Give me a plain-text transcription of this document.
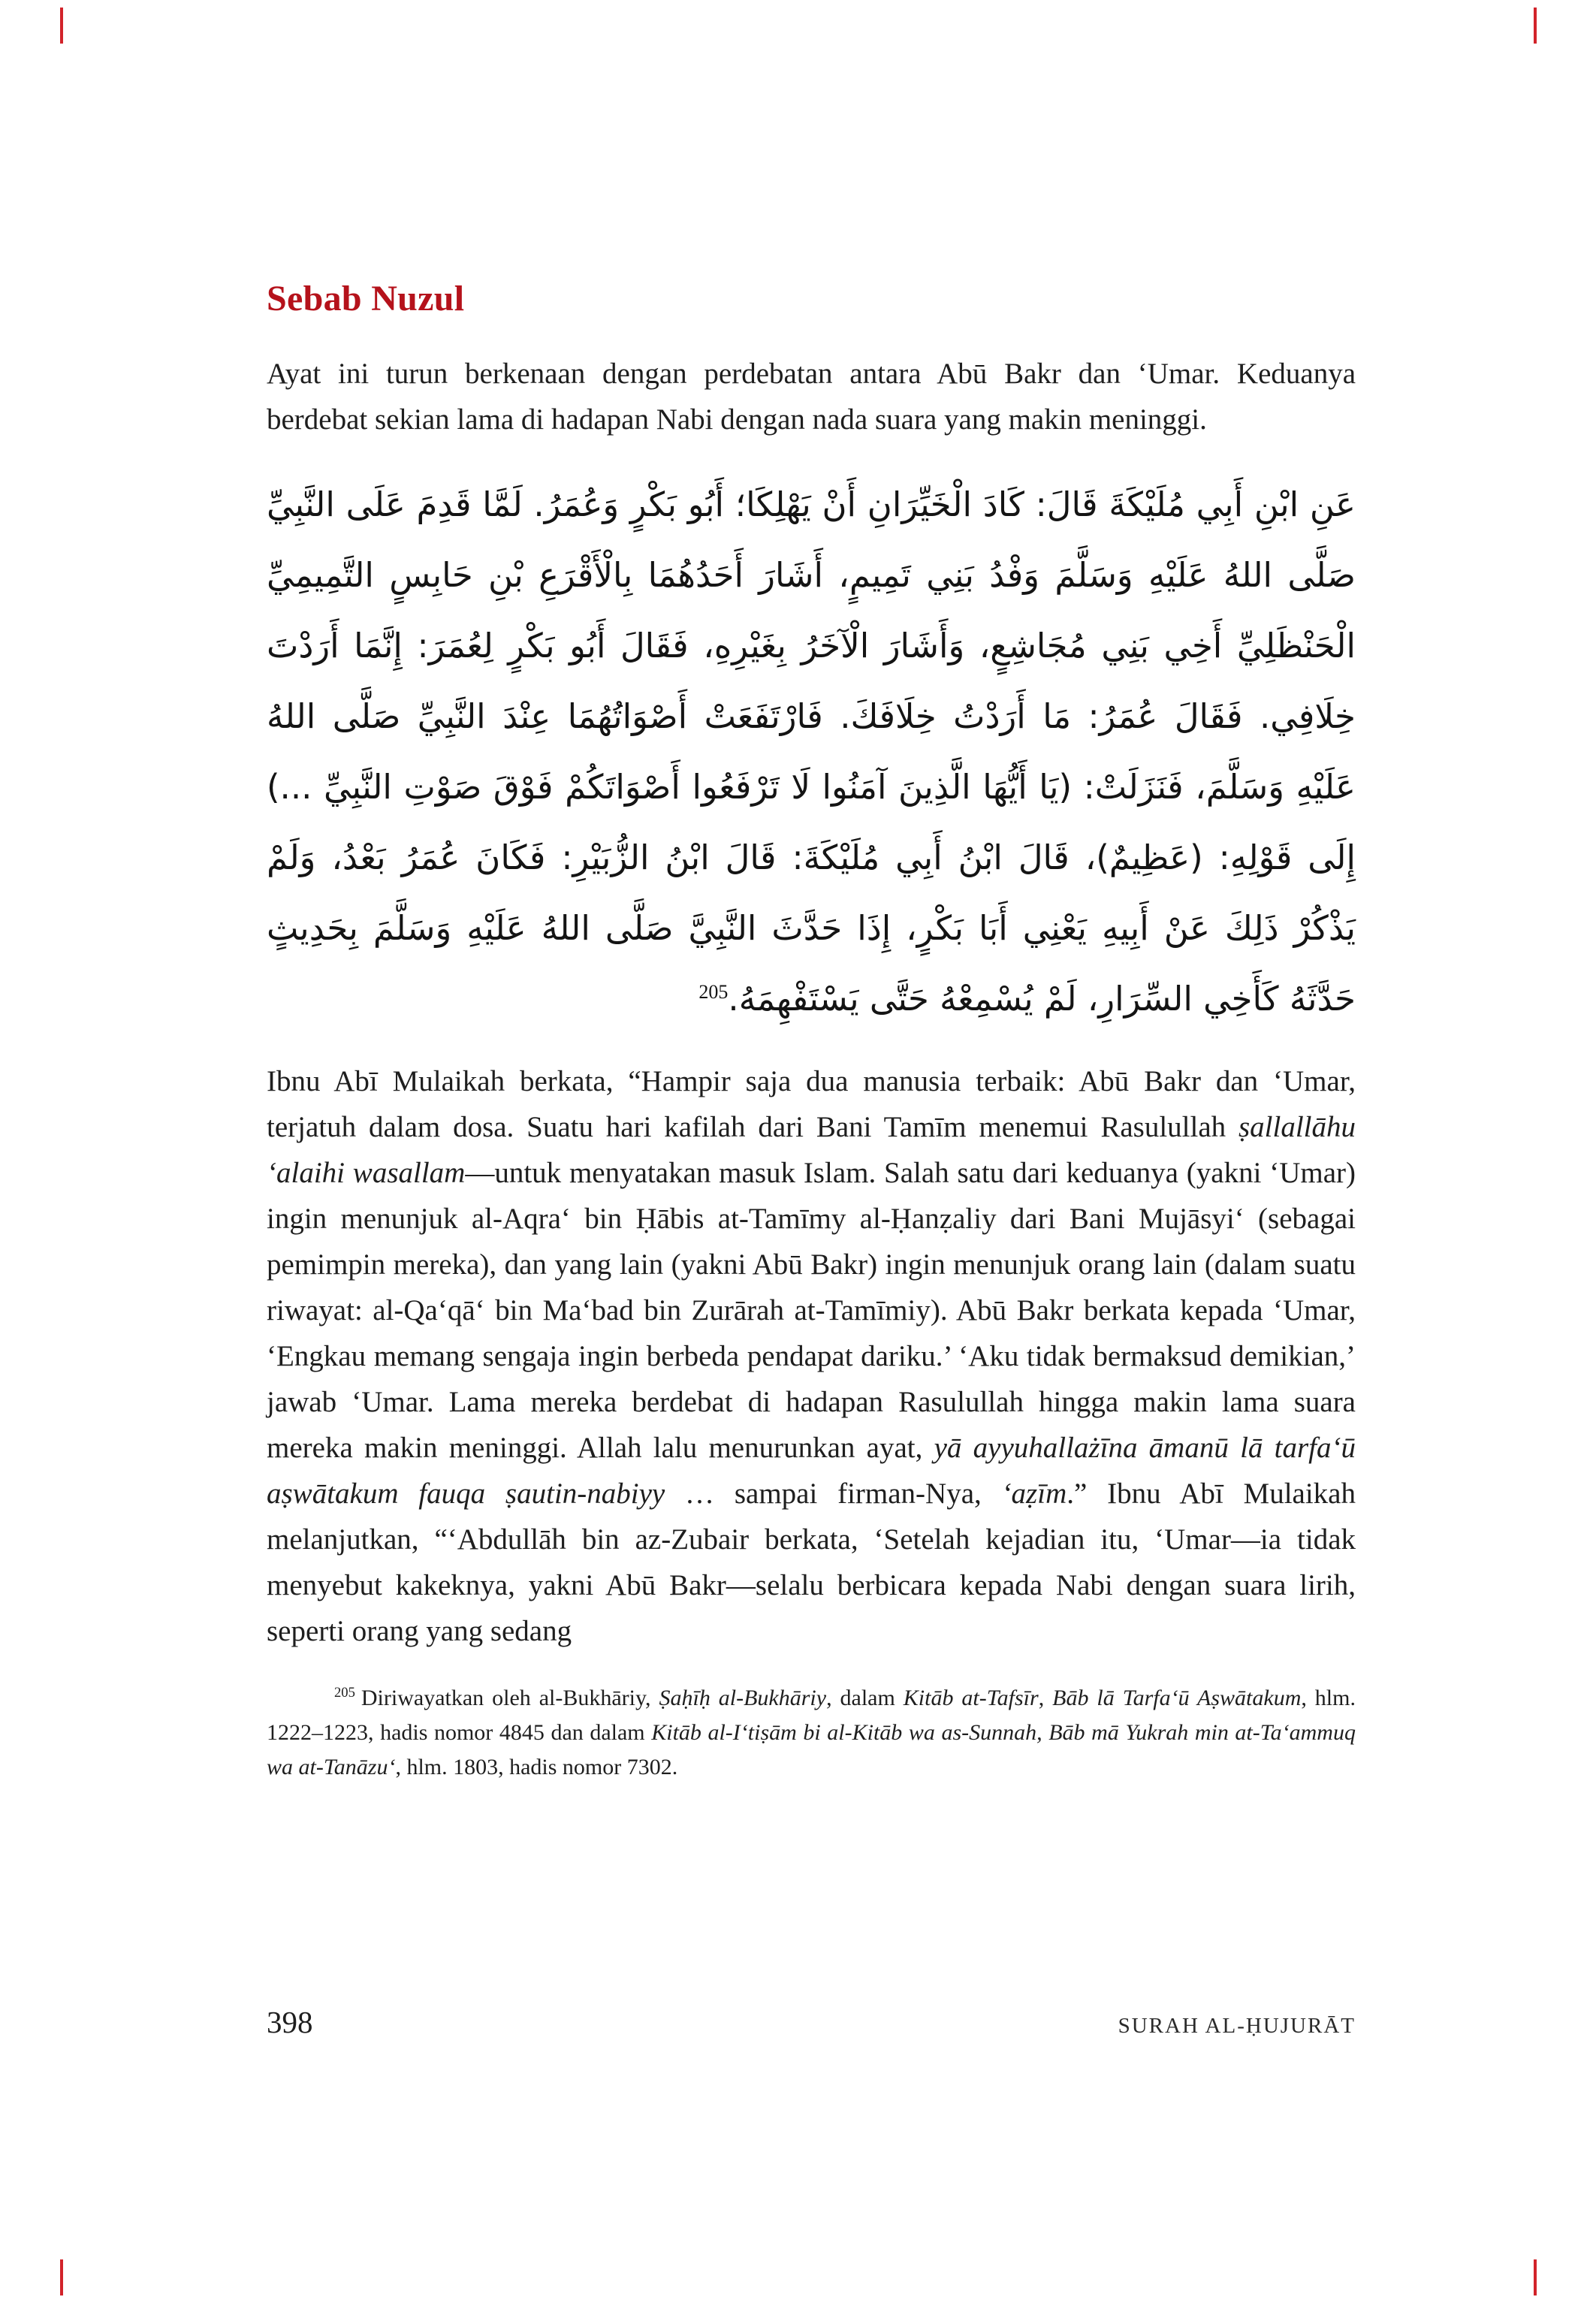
Sebab Nuzul

Ayat ini turun berkenaan dengan perdebatan antara Abū Bakr dan ʻUmar. Keduanya berdebat sekian lama di hadapan Nabi dengan nada suara yang makin meninggi.

عَنِ ابْنِ أَبِي مُلَيْكَةَ قَالَ: كَادَ الْخَيِّرَانِ أَنْ يَهْلِكَا؛ أَبُو بَكْرٍ وَعُمَرُ. لَمَّا قَدِمَ عَلَى النَّبِيِّ صَلَّى اللهُ عَلَيْهِ وَسَلَّمَ وَفْدُ بَنِي تَمِيمٍ، أَشَارَ أَحَدُهُمَا بِالْأَقْرَعِ بْنِ حَابِسٍ التَّمِيمِيِّ الْحَنْظَلِيِّ أَخِي بَنِي مُجَاشِعٍ، وَأَشَارَ الْآخَرُ بِغَيْرِهِ، فَقَالَ أَبُو بَكْرٍ لِعُمَرَ: إِنَّمَا أَرَدْتَ خِلَافِي. فَقَالَ عُمَرُ: مَا أَرَدْتُ خِلَافَكَ. فَارْتَفَعَتْ أَصْوَاتُهُمَا عِنْدَ النَّبِيِّ صَلَّى اللهُ عَلَيْهِ وَسَلَّمَ، فَنَزَلَتْ: (يَا أَيُّهَا الَّذِينَ آمَنُوا لَا تَرْفَعُوا أَصْوَاتَكُمْ فَوْقَ صَوْتِ النَّبِيِّ ...) إِلَى قَوْلِهِ: (عَظِيمٌ)، قَالَ ابْنُ أَبِي مُلَيْكَةَ: قَالَ ابْنُ الزُّبَيْرِ: فَكَانَ عُمَرُ بَعْدُ، وَلَمْ يَذْكُرْ ذَلِكَ عَنْ أَبِيهِ يَعْنِي أَبَا بَكْرٍ، إِذَا حَدَّثَ النَّبِيَّ صَلَّى اللهُ عَلَيْهِ وَسَلَّمَ بِحَدِيثٍ حَدَّثَهُ كَأَخِي السِّرَارِ، لَمْ يُسْمِعْهُ حَتَّى يَسْتَفْهِمَهُ.$^{205}$

Ibnu Abī Mulaikah berkata, “Hampir saja dua manusia terbaik: Abū Bakr dan ʻUmar, terjatuh dalam dosa. Suatu hari kafilah dari Bani Tamīm menemui Rasulullah ṣallallāhu ʻalaihi wasallam—untuk menyatakan masuk Islam. Salah satu dari keduanya (yakni ʻUmar) ingin menunjuk al-Aqraʻ bin Ḥābis at-Tamīmy al-Ḥanẓaliy dari Bani Mujāsyiʻ (sebagai pemimpin mereka), dan yang lain (yakni Abū Bakr) ingin menunjuk orang lain (dalam suatu riwayat: al-Qaʻqāʻ bin Maʻbad bin Zurārah at-Tamīmiy). Abū Bakr berkata kepada ʻUmar, ‘Engkau memang sengaja ingin berbeda pendapat dariku.’ ‘Aku tidak bermaksud demikian,’ jawab ʻUmar. Lama mereka berdebat di hadapan Rasulullah hingga makin lama suara mereka makin meninggi. Allah lalu menurunkan ayat, yā ayyuhallażīna āmanū lā tarfaʻū aṣwātakum fauqa ṣautin-nabiyy … sampai firman-Nya, ʻaẓīm.” Ibnu Abī Mulaikah melanjutkan, “ʻAbdullāh bin az-Zubair berkata, ‘Setelah kejadian itu, ʻUmar—ia tidak menyebut kakeknya, yakni Abū Bakr—selalu berbicara kepada Nabi dengan suara lirih, seperti orang yang sedang

$^{205}$ Diriwayatkan oleh al-Bukhāriy, Ṣaḥīḥ al-Bukhāriy, dalam Kitāb at-Tafsīr, Bāb lā Tarfaʻū Aṣwātakum, hlm. 1222–1223, hadis nomor 4845 dan dalam Kitāb al-Iʻtiṣām bi al-Kitāb wa as-Sunnah, Bāb mā Yukrah min at-Taʻammuq wa at-Tanāzuʻ, hlm. 1803, hadis nomor 7302.

398	SURAH AL-ḤUJURĀT
